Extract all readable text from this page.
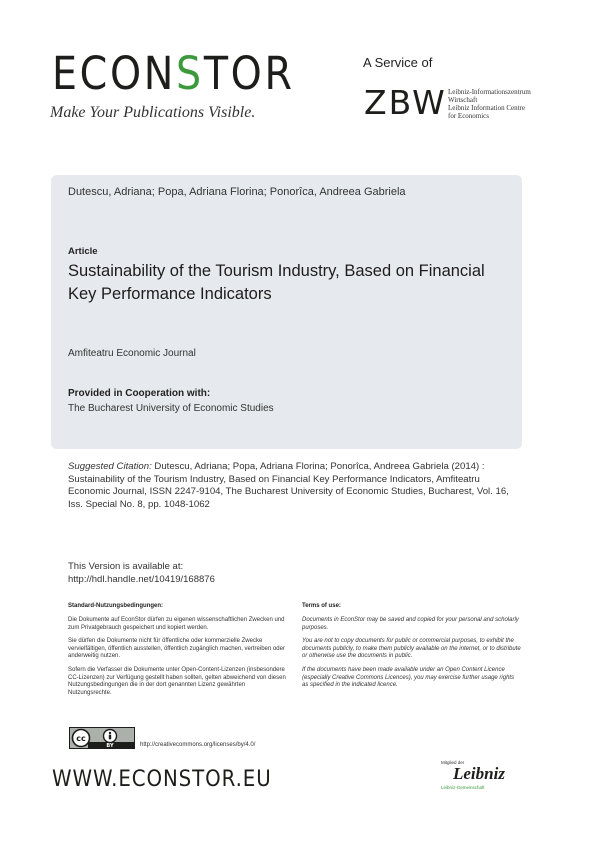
ECONSTOR
Make Your Publications Visible.
A Service of
ZBW Leibniz-Informationszentrum
Wirtschaft
Leibniz Information Centre
for Economics
Dutescu, Adriana; Popa, Adriana Florina; Ponorîca, Andreea Gabriela
Article
Sustainability of the Tourism Industry, Based on Financial Key Performance Indicators
Amfiteatru Economic Journal
Provided in Cooperation with:
The Bucharest University of Economic Studies
Suggested Citation: Dutescu, Adriana; Popa, Adriana Florina; Ponorîca, Andreea Gabriela (2014) : Sustainability of the Tourism Industry, Based on Financial Key Performance Indicators, Amfiteatru Economic Journal, ISSN 2247-9104, The Bucharest University of Economic Studies, Bucharest, Vol. 16, Iss. Special No. 8, pp. 1048-1062
This Version is available at:
http://hdl.handle.net/10419/168876
Standard-Nutzungsbedingungen:

Die Dokumente auf EconStor dürfen zu eigenen wissenschaftlichen Zwecken und zum Privatgebrauch gespeichert und kopiert werden.

Sie dürfen die Dokumente nicht für öffentliche oder kommerzielle Zwecke vervielfältigen, öffentlich ausstellen, öffentlich zugänglich machen, vertreiben oder anderweitig nutzen.

Sofern die Verfasser die Dokumente unter Open-Content-Lizenzen (insbesondere CC-Lizenzen) zur Verfügung gestellt haben sollten, gelten abweichend von diesen Nutzungsbedingungen die in der dort genannten Lizenz gewährten Nutzungsrechte.

Terms of use:

Documents in EconStor may be saved and copied for your personal and scholarly purposes.

You are not to copy documents for public or commercial purposes, to exhibit the documents publicly, to make them publicly available on the internet, or to distribute or otherwise use the documents in public.

If the documents have been made available under an Open Content Licence (especially Creative Commons Licences), you may exercise further usage rights as specified in the indicated licence.

cc
BY	http://creativecommons.org/licenses/by/4.0/
WWW.ECONSTOR.EU
Mitglied der
Leibniz
Leibniz-Gemeinschaft
